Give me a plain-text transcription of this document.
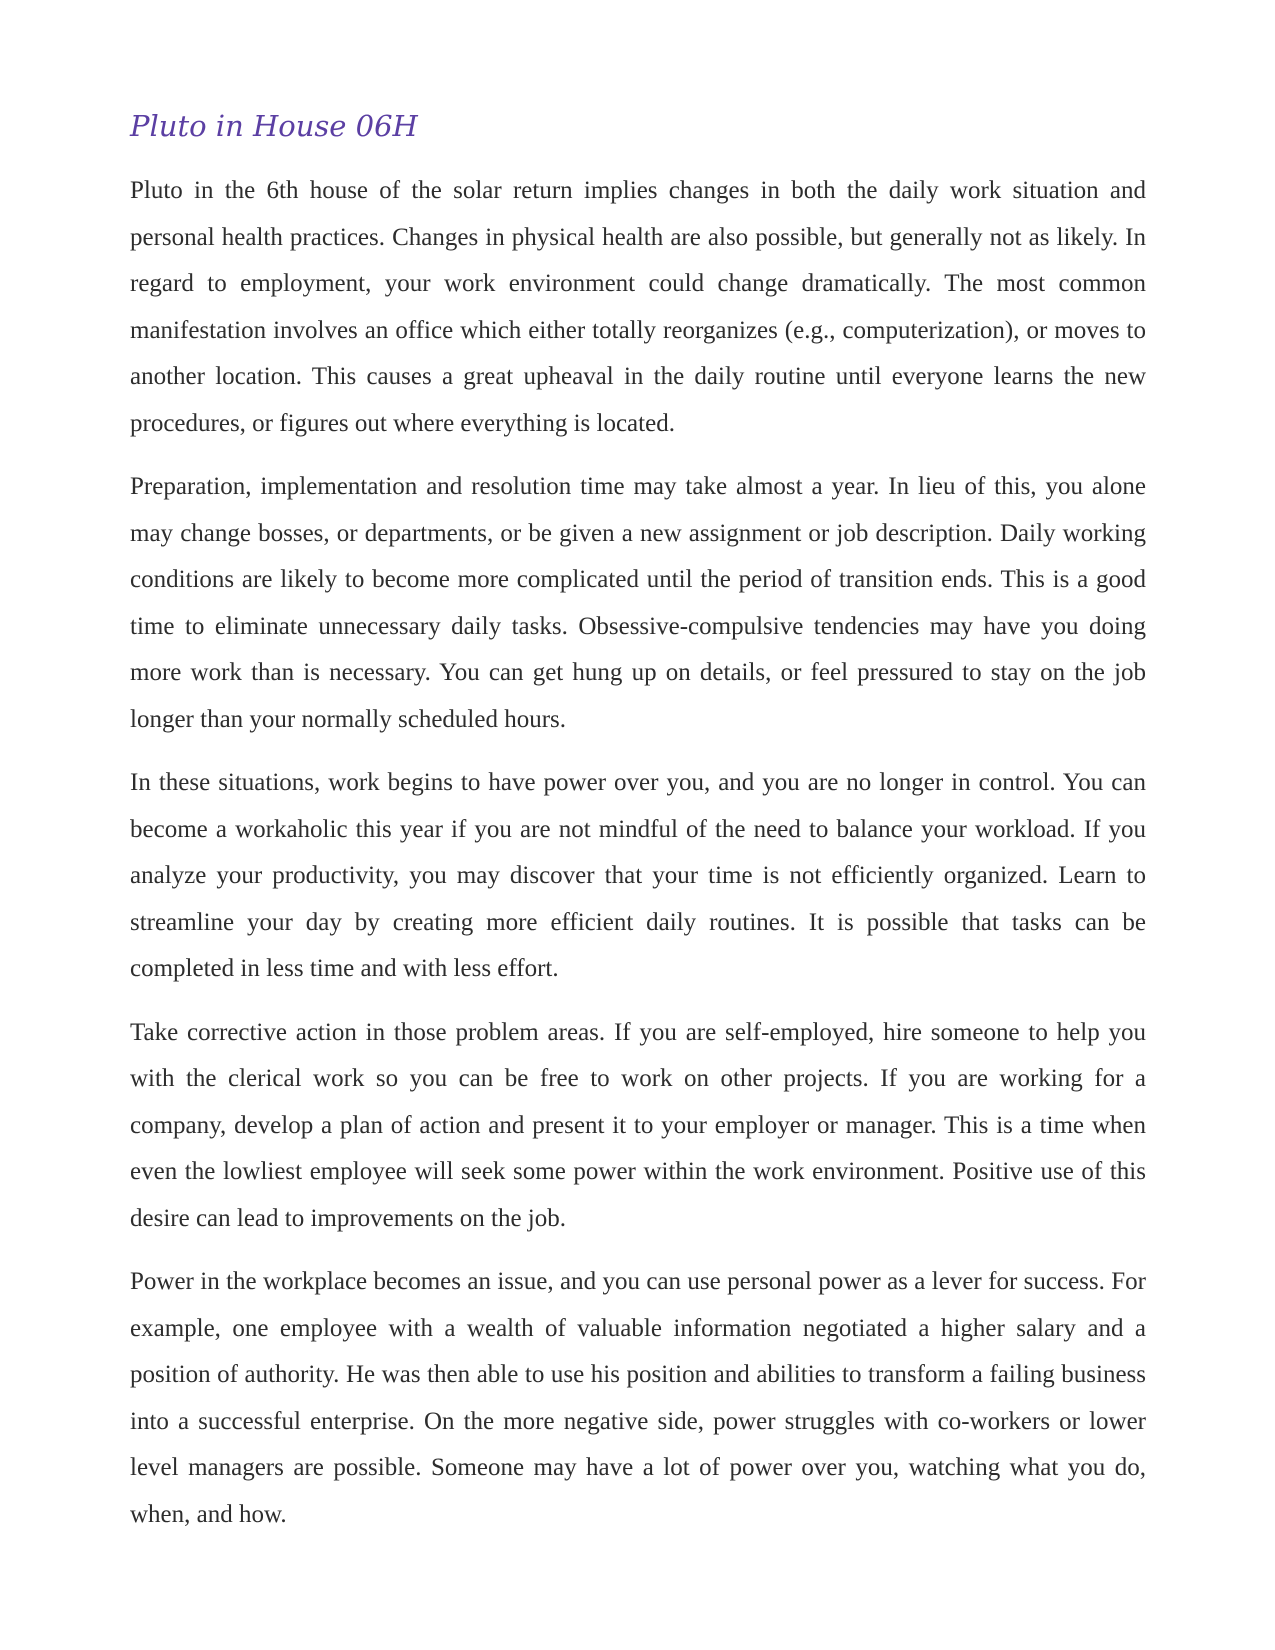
Pluto in House 06H

Pluto in the 6th house of the solar return implies changes in both the daily work situation and personal health practices. Changes in physical health are also possible, but generally not as likely. In regard to employment, your work environment could change dramatically. The most common manifestation involves an office which either totally reorganizes (e.g., computerization), or moves to another location. This causes a great upheaval in the daily routine until everyone learns the new procedures, or figures out where everything is located.

Preparation, implementation and resolution time may take almost a year. In lieu of this, you alone may change bosses, or departments, or be given a new assignment or job description. Daily working conditions are likely to become more complicated until the period of transition ends. This is a good time to eliminate unnecessary daily tasks. Obsessive-compulsive tendencies may have you doing more work than is necessary. You can get hung up on details, or feel pressured to stay on the job longer than your normally scheduled hours.

In these situations, work begins to have power over you, and you are no longer in control. You can become a workaholic this year if you are not mindful of the need to balance your workload. If you analyze your productivity, you may discover that your time is not efficiently organized. Learn to streamline your day by creating more efficient daily routines. It is possible that tasks can be completed in less time and with less effort.

Take corrective action in those problem areas. If you are self-employed, hire someone to help you with the clerical work so you can be free to work on other projects. If you are working for a company, develop a plan of action and present it to your employer or manager. This is a time when even the lowliest employee will seek some power within the work environment. Positive use of this desire can lead to improvements on the job.

Power in the workplace becomes an issue, and you can use personal power as a lever for success. For example, one employee with a wealth of valuable information negotiated a higher salary and a position of authority. He was then able to use his position and abilities to transform a failing business into a successful enterprise. On the more negative side, power struggles with co-workers or lower level managers are possible. Someone may have a lot of power over you, watching what you do, when, and how.
